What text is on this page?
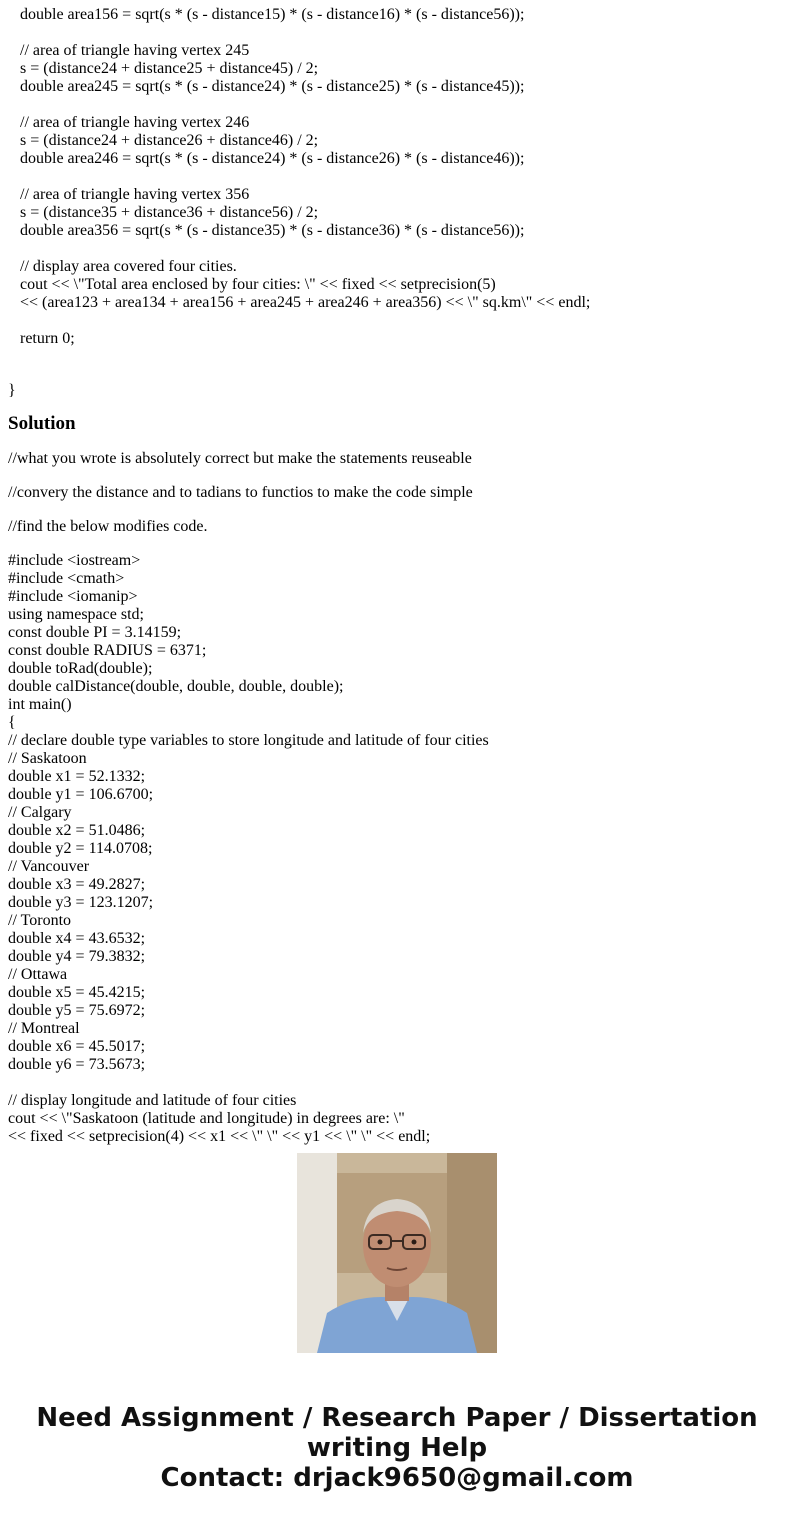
double area156 = sqrt(s * (s - distance15) * (s - distance16) * (s - distance56));
// area of triangle having vertex 245
s = (distance24 + distance25 + distance45) / 2;
double area245 = sqrt(s * (s - distance24) * (s - distance25) * (s - distance45));
// area of triangle having vertex 246
s = (distance24 + distance26 + distance46) / 2;
double area246 = sqrt(s * (s - distance24) * (s - distance26) * (s - distance46));
// area of triangle having vertex 356
s = (distance35 + distance36 + distance56) / 2;
double area356 = sqrt(s * (s - distance35) * (s - distance36) * (s - distance56));
// display area covered four cities.
cout << \"Total area enclosed by four cities: \" << fixed << setprecision(5)
<< (area123 + area134 + area156 + area245 + area246 + area356) << \" sq.km\" << endl;
return 0;
}
Solution
//what you wrote is absolutely correct but make the statements reuseable
//convery the distance and to tadians to functios to make the code simple
//find the below modifies code.
#include <iostream>
#include <cmath>
#include <iomanip>
using namespace std;
const double PI = 3.14159;
const double RADIUS = 6371;
double toRad(double);
double calDistance(double, double, double, double);
int main()
{
// declare double type variables to store longitude and latitude of four cities
// Saskatoon
double x1 = 52.1332;
double y1 = 106.6700;
// Calgary
double x2 = 51.0486;
double y2 = 114.0708;
// Vancouver
double x3 = 49.2827;
double y3 = 123.1207;
// Toronto
double x4 = 43.6532;
double y4 = 79.3832;
// Ottawa
double x5 = 45.4215;
double y5 = 75.6972;
// Montreal
double x6 = 45.5017;
double y6 = 73.5673;
// display longitude and latitude of four cities
cout << \"Saskatoon (latitude and longitude) in degrees are: \"
<< fixed << setprecision(4) << x1 << \" \" << y1 << \" \" << endl;
Need Assignment / Research Paper / Dissertation
writing Help
Contact: drjack9650@gmail.com
